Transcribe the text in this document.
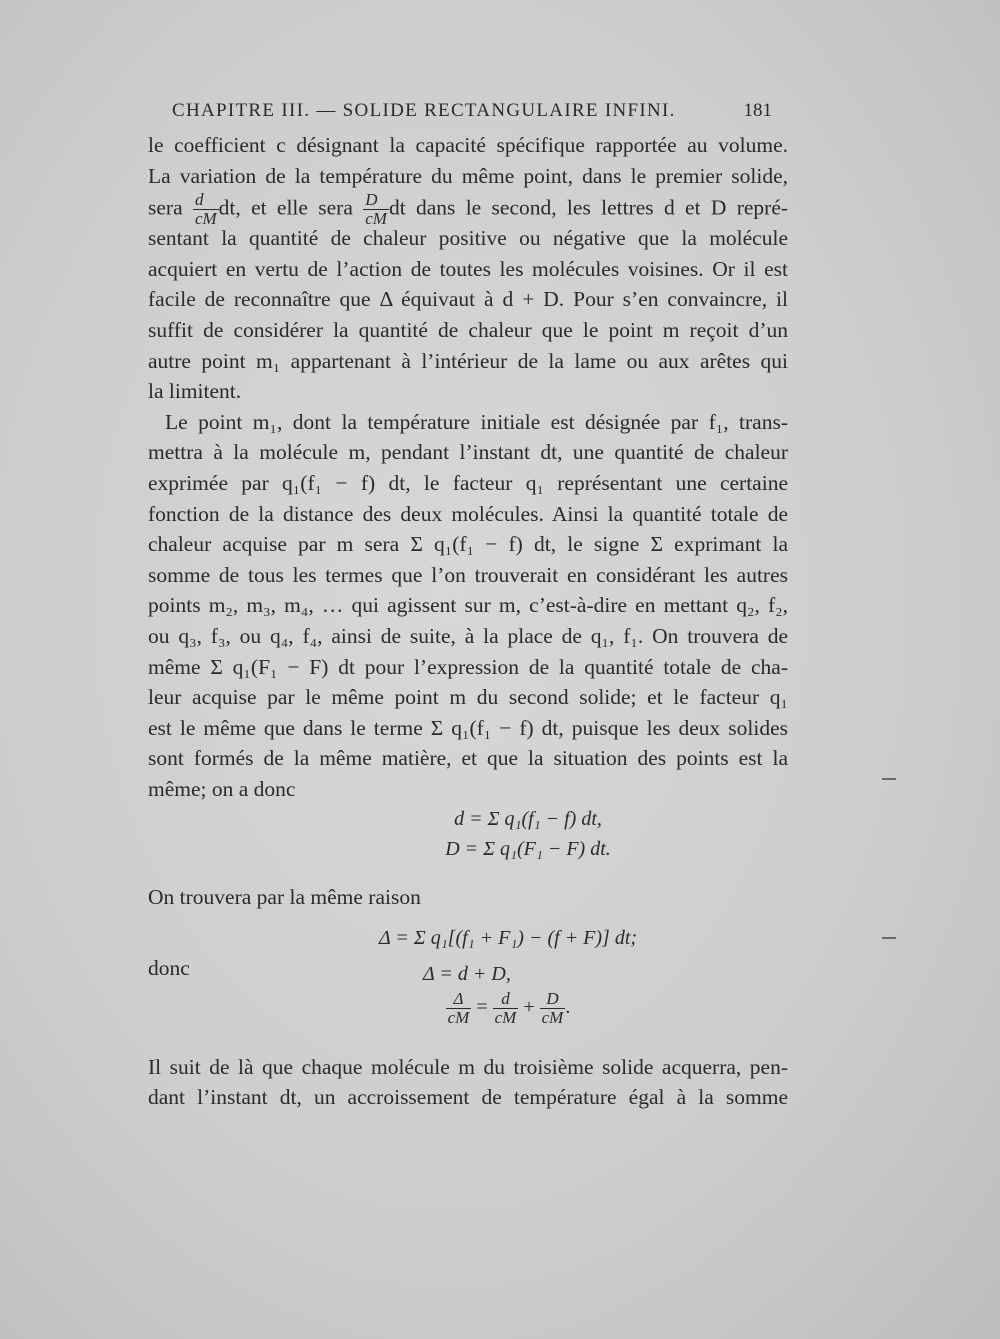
CHAPITRE III. — SOLIDE RECTANGULAIRE INFINI.	181
le coefficient c désignant la capacité spécifique rapportée au volume.
La variation de la température du même point, dans le premier solide,
sera $\frac{d}{cM}$ dt, et elle sera $\frac{D}{cM}$ dt dans le second, les lettres d et D repré-
sentant la quantité de chaleur positive ou négative que la molécule
acquiert en vertu de l’action de toutes les molécules voisines. Or il est
facile de reconnaître que Δ équivaut à d + D. Pour s’en convaincre, il
suffit de considérer la quantité de chaleur que le point m reçoit d’un
autre point m₁ appartenant à l’intérieur de la lame ou aux arêtes qui
la limitent.
Le point m₁, dont la température initiale est désignée par f₁, trans-
mettra à la molécule m, pendant l’instant dt, une quantité de chaleur
exprimée par q₁(f₁ − f) dt, le facteur q₁ représentant une certaine
fonction de la distance des deux molécules. Ainsi la quantité totale de
chaleur acquise par m sera Σ q₁(f₁ − f) dt, le signe Σ exprimant la
somme de tous les termes que l’on trouverait en considérant les autres
points m₂, m₃, m₄, … qui agissent sur m, c’est-à-dire en mettant q₂, f₂,
ou q₃, f₃, ou q₄, f₄, ainsi de suite, à la place de q₁, f₁. On trouvera de
même Σ q₁(F₁ − F) dt pour l’expression de la quantité totale de cha-
leur acquise par le même point m du second solide; et le facteur q₁
est le même que dans le terme Σ q₁(f₁ − f) dt, puisque les deux solides
sont formés de la même matière, et que la situation des points est la
même; on a donc
d = Σ q₁(f₁ − f) dt,
D = Σ q₁(F₁ − F) dt.
On trouvera par la même raison
Δ = Σ q₁[(f₁ + F₁) − (f + F)] dt;
donc	Δ = d + D,
$\frac{\Delta}{cM} = \frac{d}{cM} + \frac{D}{cM}$ .
Il suit de là que chaque molécule m du troisième solide acquerra, pen-
dant l’instant dt, un accroissement de température égal à la somme
